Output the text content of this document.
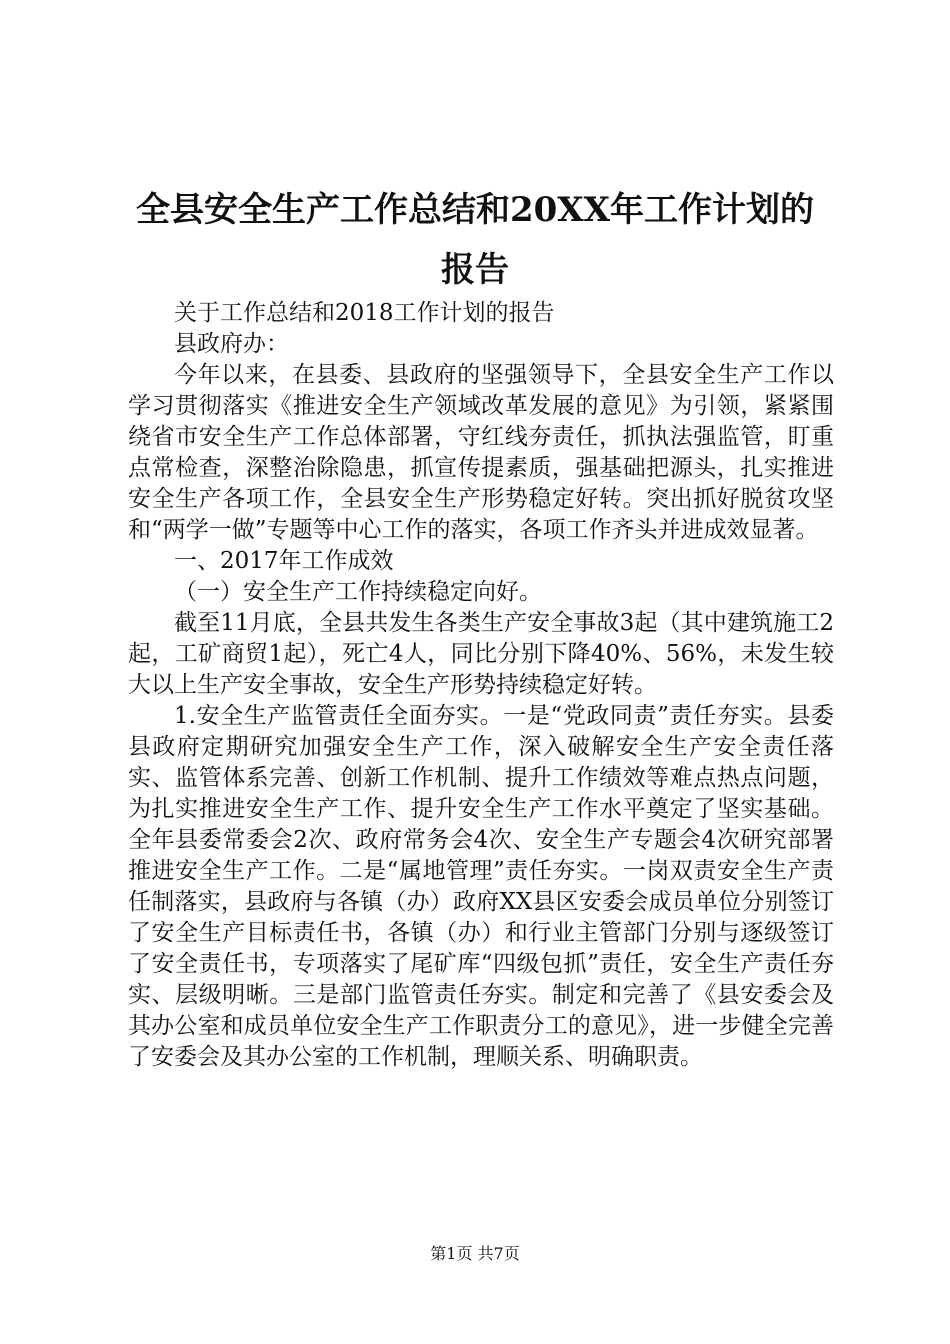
全县安全生产工作总结和20XX年工作计划的
报告

关于工作总结和2018工作计划的报告

县政府办：

今年以来，在县委、县政府的坚强领导下，全县安全生产工作以学习贯彻落实《推进安全生产领域改革发展的意见》为引领，紧紧围绕省市安全生产工作总体部署，守红线夯责任，抓执法强监管，盯重点常检查，深整治除隐患，抓宣传提素质，强基础把源头，扎实推进安全生产各项工作，全县安全生产形势稳定好转。突出抓好脱贫攻坚和“两学一做”专题等中心工作的落实，各项工作齐头并进成效显著。

一、2017年工作成效

（一）安全生产工作持续稳定向好。

截至11月底，全县共发生各类生产安全事故3起（其中建筑施工2起，工矿商贸1起），死亡4人，同比分别下降40%、56%，未发生较大以上生产安全事故，安全生产形势持续稳定好转。

1.安全生产监管责任全面夯实。一是“党政同责”责任夯实。县委县政府定期研究加强安全生产工作，深入破解安全生产安全责任落实、监管体系完善、创新工作机制、提升工作绩效等难点热点问题，为扎实推进安全生产工作、提升安全生产工作水平奠定了坚实基础。全年县委常委会2次、政府常务会4次、安全生产专题会4次研究部署推进安全生产工作。二是“属地管理”责任夯实。一岗双责安全生产责任制落实，县政府与各镇（办）政府XX县区安委会成员单位分别签订了安全生产目标责任书，各镇（办）和行业主管部门分别与逐级签订了安全责任书，专项落实了尾矿库“四级包抓”责任，安全生产责任夯实、层级明晰。三是部门监管责任夯实。制定和完善了《县安委会及其办公室和成员单位安全生产工作职责分工的意见》，进一步健全完善了安委会及其办公室的工作机制，理顺关系、明确职责。

第1页 共7页
